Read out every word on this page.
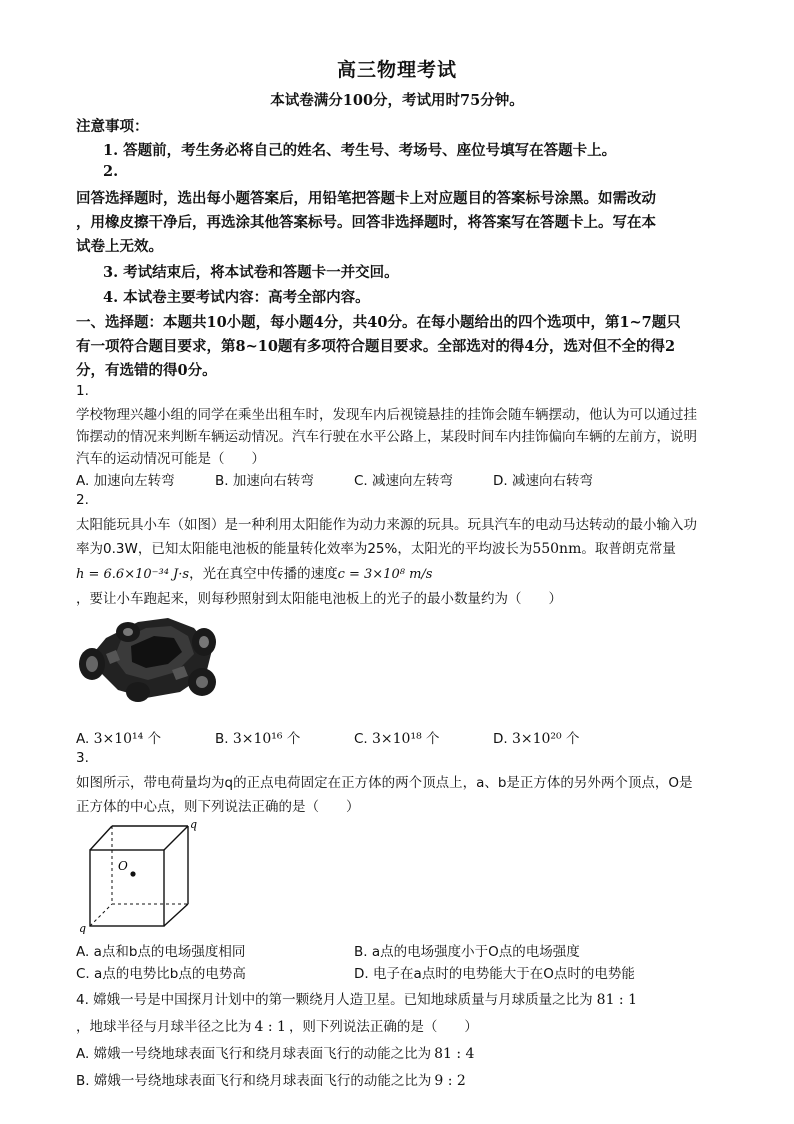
高三物理考试
本试卷满分100分，考试用时75分钟。
注意事项：
1. 答题前，考生务必将自己的姓名、考生号、考场号、座位号填写在答题卡上。
2.
回答选择题时，选出每小题答案后，用铅笔把答题卡上对应题目的答案标号涂黑。如需改动
，用橡皮擦干净后，再选涂其他答案标号。回答非选择题时，将答案写在答题卡上。写在本
试卷上无效。
3. 考试结束后，将本试卷和答题卡一并交回。
4. 本试卷主要考试内容：高考全部内容。
一、选择题：本题共10小题，每小题4分，共40分。在每小题给出的四个选项中，第1~7题只
有一项符合题目要求，第8~10题有多项符合题目要求。全部选对的得4分，选对但不全的得2
分，有选错的得0分。
1.
学校物理兴趣小组的同学在乘坐出租车时，发现车内后视镜悬挂的挂饰会随车辆摆动，他认为可以通过挂
饰摆动的情况来判断车辆运动情况。汽车行驶在水平公路上，某段时间车内挂饰偏向车辆的左前方，说明
汽车的运动情况可能是（　　）
A. 加速向左转弯	B. 加速向右转弯	C. 减速向左转弯	D. 减速向右转弯
2.
太阳能玩具小车（如图）是一种利用太阳能作为动力来源的玩具。玩具汽车的电动马达转动的最小输入功
率为0.3W，已知太阳能电池板的能量转化效率为25%，太阳光的平均波长为550nm。取普朗克常量
h = 6.6×10⁻³⁴ J·s，光在真空中传播的速度c = 3×10⁸ m/s
，要让小车跑起来，则每秒照射到太阳能电池板上的光子的最小数量约为（　　）
A. 3×10¹⁴ 个	B. 3×10¹⁶ 个	C. 3×10¹⁸ 个	D. 3×10²⁰ 个
3.
如图所示，带电荷量均为q的正点电荷固定在正方体的两个顶点上，a、b是正方体的另外两个顶点，O是
正方体的中心点，则下列说法正确的是（　　）
q
q
O
A. a点和b点的电场强度相同	B. a点的电场强度小于O点的电场强度
C. a点的电势比b点的电势高	D. 电子在a点时的电势能大于在O点时的电势能
4. 嫦娥一号是中国探月计划中的第一颗绕月人造卫星。已知地球质量与月球质量之比为 81 : 1
，地球半径与月球半径之比为 4 : 1 ，则下列说法正确的是（　　）
A. 嫦娥一号绕地球表面飞行和绕月球表面飞行的动能之比为 81 : 4
B. 嫦娥一号绕地球表面飞行和绕月球表面飞行的动能之比为 9 : 2
